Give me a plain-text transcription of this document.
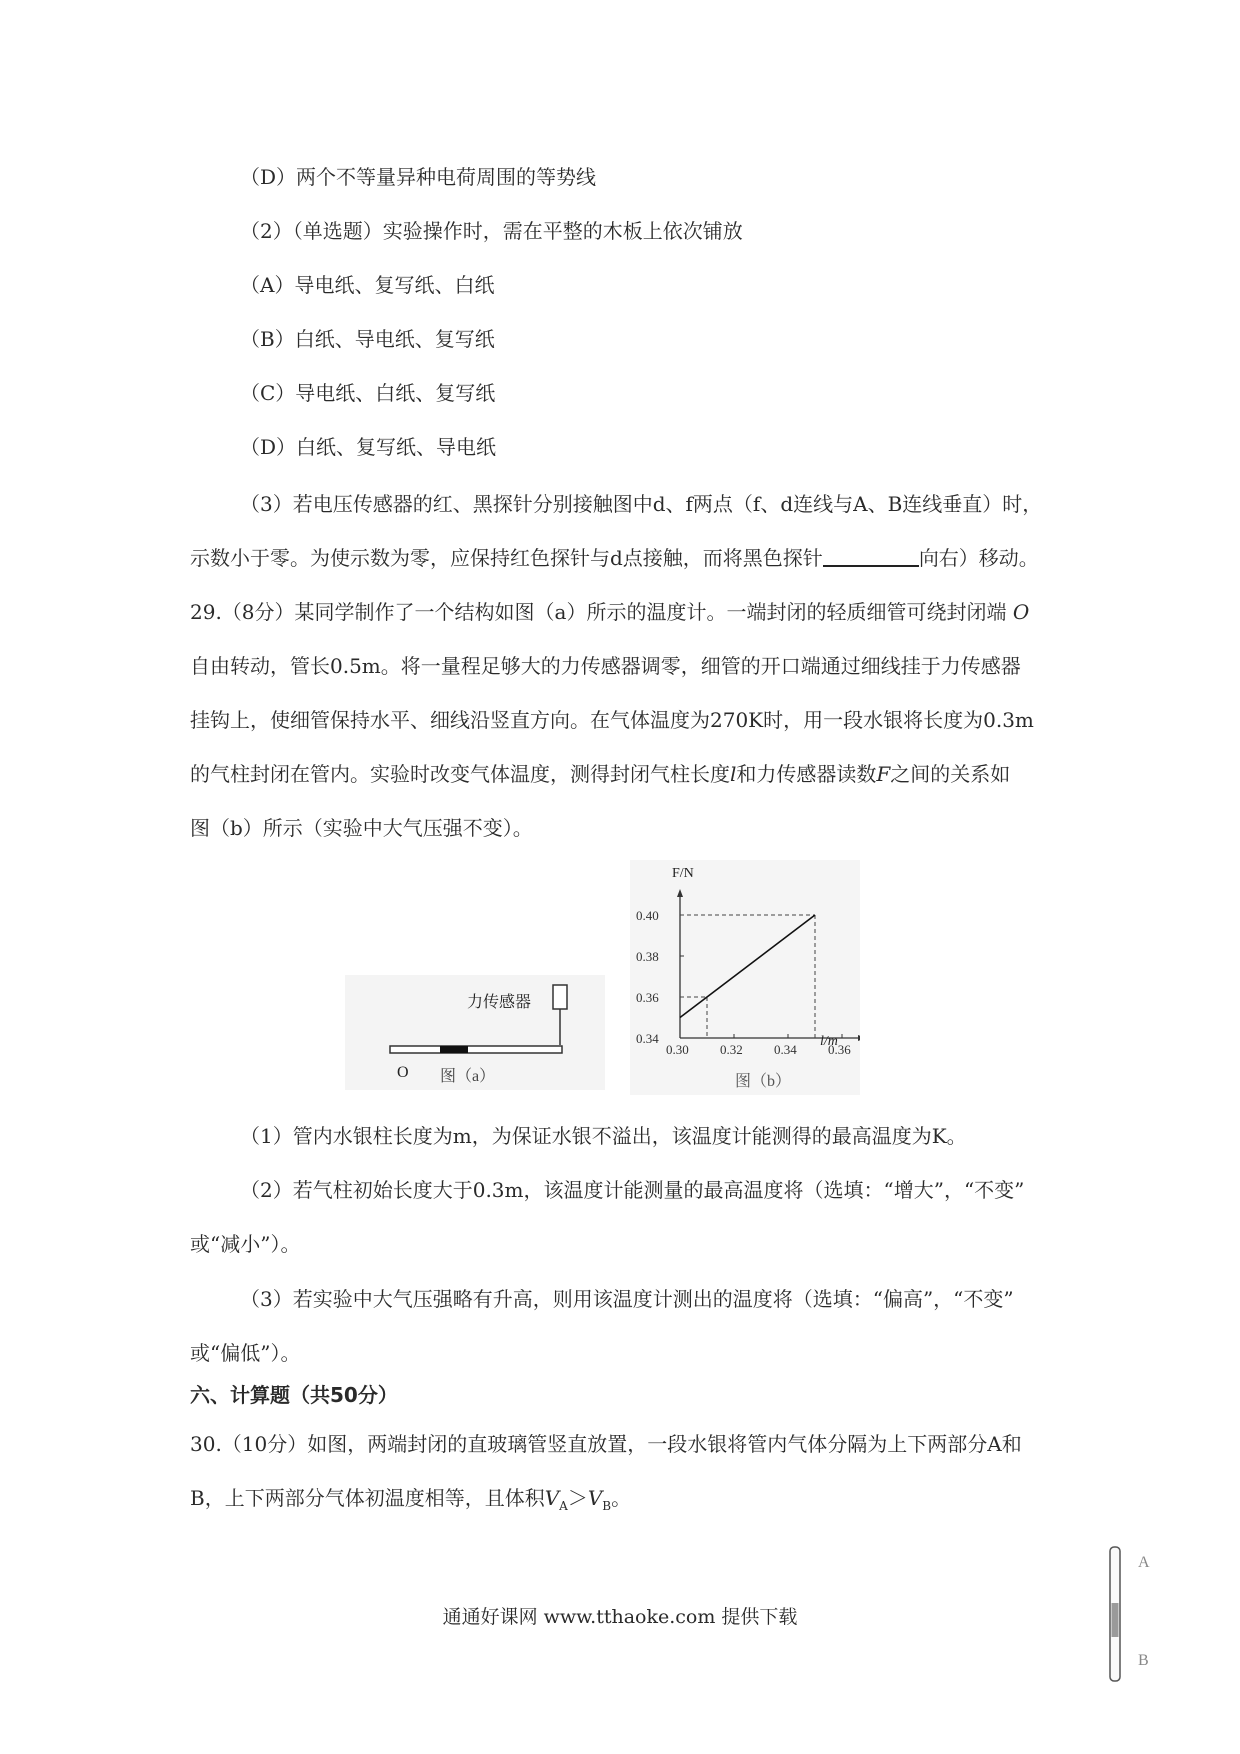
（D）两个不等量异种电荷周围的等势线
（2）（单选题）实验操作时，需在平整的木板上依次铺放
（A）导电纸、复写纸、白纸
（B）白纸、导电纸、复写纸
（C）导电纸、白纸、复写纸
（D）白纸、复写纸、导电纸
（3）若电压传感器的红、黑探针分别接触图中d、f两点（f、d连线与A、B连线垂直）时，
示数小于零。为使示数为零，应保持红色探针与d点接触，而将黑色探针	向右）移动。
29.（8分）某同学制作了一个结构如图（a）所示的温度计。一端封闭的轻质细管可绕封闭端 O
自由转动，管长0.5m。将一量程足够大的力传感器调零，细管的开口端通过细线挂于力传感器
挂钩上，使细管保持水平、细线沿竖直方向。在气体温度为270K时，用一段水银将长度为0.3m
的气柱封闭在管内。实验时改变气体温度，测得封闭气柱长度l和力传感器读数F之间的关系如
图（b）所示（实验中大气压强不变）。
O
力传感器
图（a）
0.30 0.32 0.34 0.36
0.34
0.36
0.38
0.40
F/N
l/m
图（b）
（1）管内水银柱长度为m，为保证水银不溢出，该温度计能测得的最高温度为K。
（2）若气柱初始长度大于0.3m，该温度计能测量的最高温度将（选填：“增大”，“不变”
或“减小”）。
（3）若实验中大气压强略有升高，则用该温度计测出的温度将（选填：“偏高”，“不变”
或“偏低”）。
六、计算题（共50分）
30.（10分）如图，两端封闭的直玻璃管竖直放置，一段水银将管内气体分隔为上下两部分A和
B，上下两部分气体初温度相等，且体积$V_A>V_B$。
A
B
通通好课网 www.tthaoke.com 提供下载
